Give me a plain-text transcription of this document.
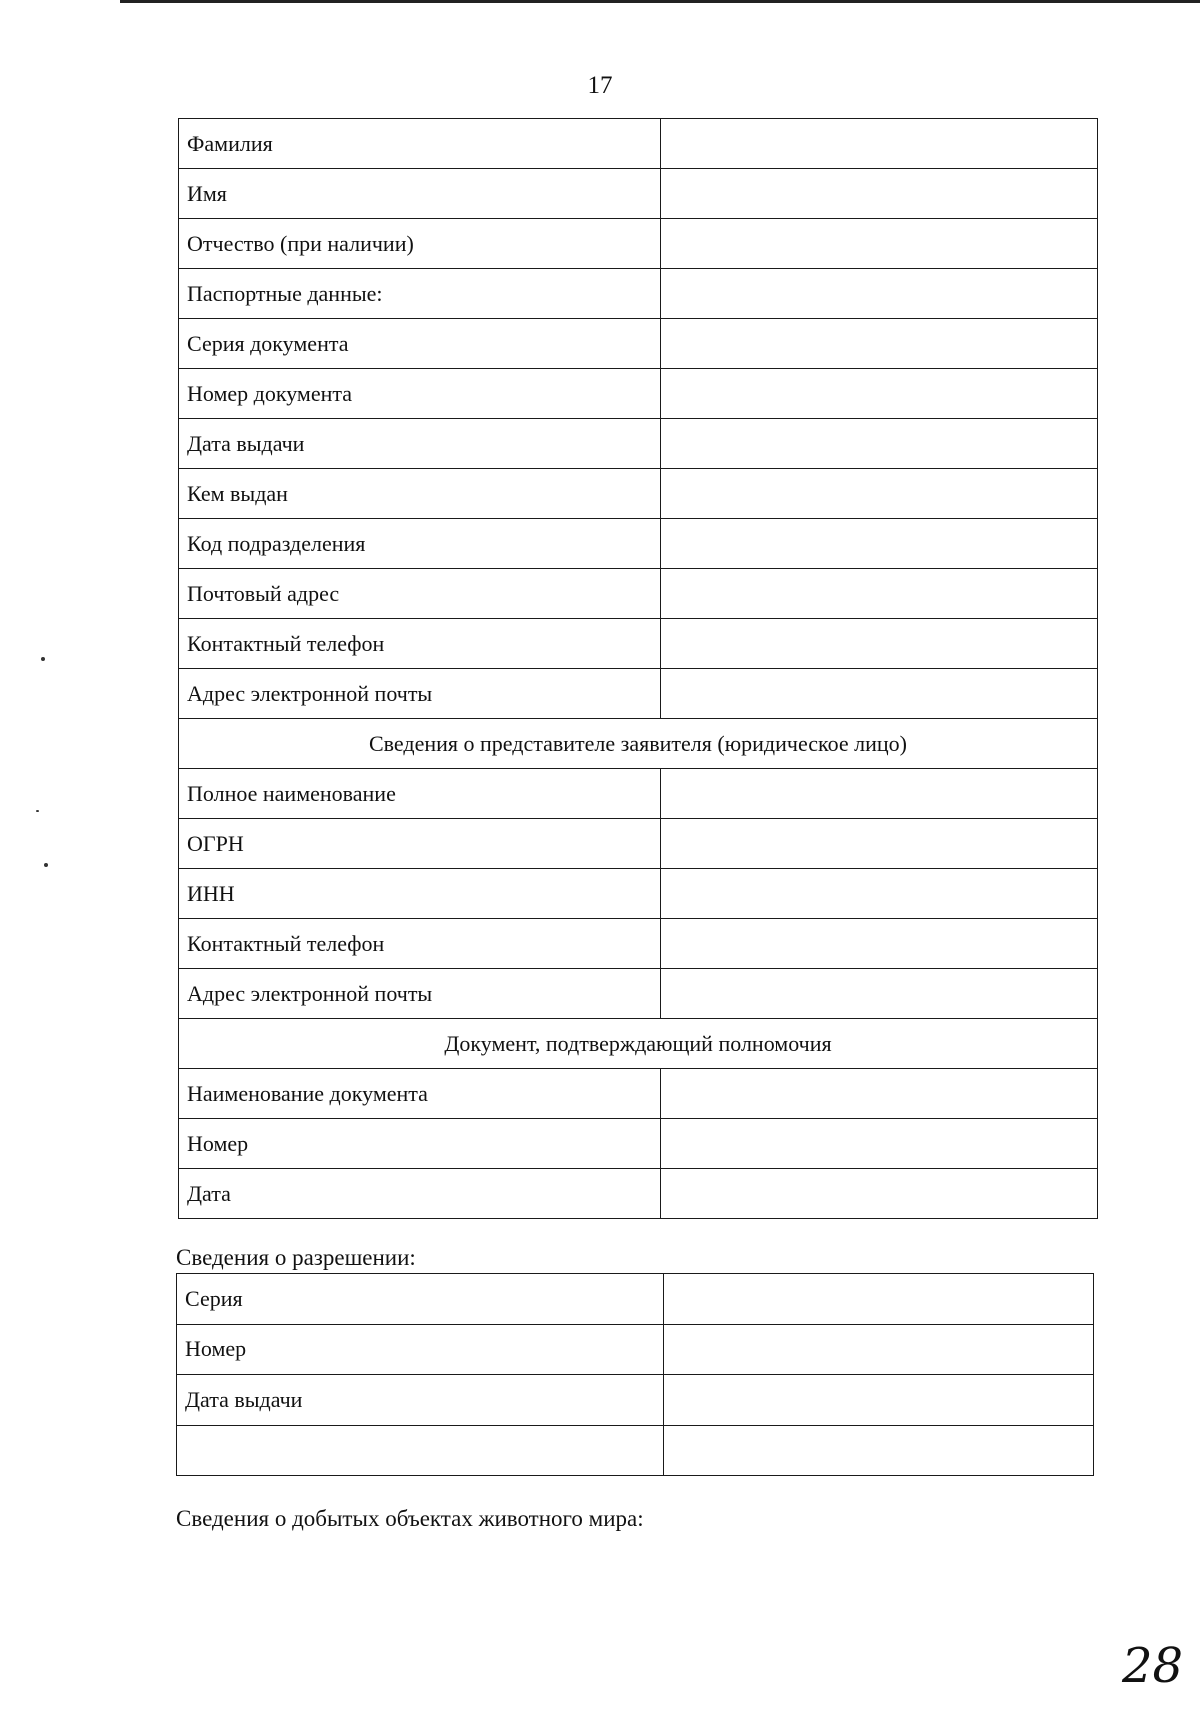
17
Фамилия	
Имя	
Отчество (при наличии)	
Паспортные данные:	
Серия документа	
Номер документа	
Дата выдачи	
Кем выдан	
Код подразделения	
Почтовый адрес	
Контактный телефон	
Адрес электронной почты	
Сведения о представителе заявителя (юридическое лицо)	
Полное наименование	
ОГРН	
ИНН	
Контактный телефон	
Адрес электронной почты	
Документ, подтверждающий полномочия	
Наименование документа	
Номер	
Дата	
Сведения о разрешении:
Серия	
Номер	
Дата выдачи	

Сведения о добытых объектах животного мира:
28
